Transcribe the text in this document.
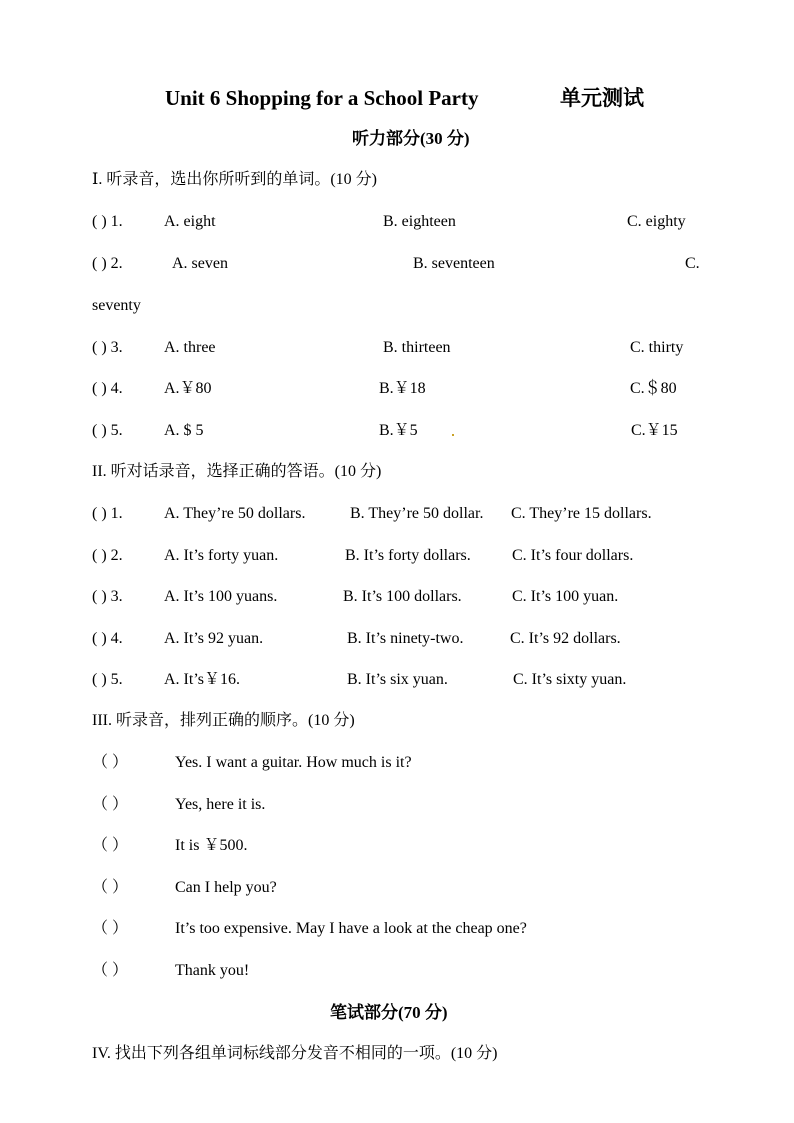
Unit 6 Shopping for a School Party	单元测试
听力部分(30 分)
Ⅰ. 听录音，选出你所听到的单词。(10 分)
( ) 1.	A. eight	B. eighteen	C. eighty
( ) 2.	A. seven	B. seventeen	C.
seventy
( ) 3.	A. three	B. thirteen	C. thirty
( ) 4.	A.￥80	B.￥18	C.＄80
( ) 5.	A. $ 5	B.￥5	C.￥15
II. 听对话录音，选择正确的答语。(10 分)
( ) 1.	A. They’re 50 dollars.	B. They’re 50 dollar. C. They’re 15 dollars.
( ) 2.	A. It’s forty yuan.	B. It’s forty dollars.	C. It’s four dollars.
( ) 3.	A. It’s 100 yuans.	B. It’s 100 dollars.	C. It’s 100 yuan.
( ) 4.	A. It’s 92 yuan.	B. It’s ninety-two.	C. It’s 92 dollars.
( ) 5.	A. It’s￥16.	B. It’s six yuan.	C. It’s sixty yuan.
III. 听录音，排列正确的顺序。(10 分)
（ ）	Yes. I want a guitar. How much is it?
（ ）	Yes, here it is.
（ ）	It is ￥500.
（ ）	Can I help you?
（ ）	It’s too expensive. May I have a look at the cheap one?
（ ）	Thank you!
笔试部分(70 分)
IV. 找出下列各组单词标线部分发音不相同的一项。(10 分)
